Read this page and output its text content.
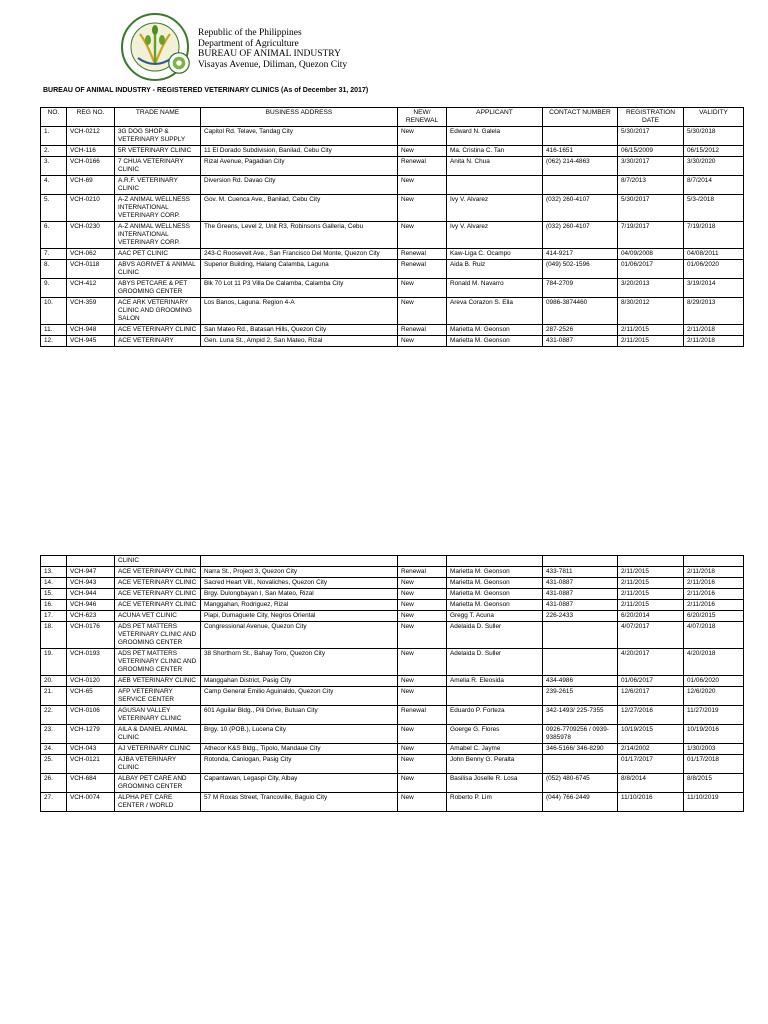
Republic of the Philippines
Department of Agriculture
BUREAU OF ANIMAL INDUSTRY
Visayas Avenue, Diliman, Quezon City
BUREAU OF ANIMAL INDUSTRY - REGISTERED VETERINARY CLINICS (As of December 31, 2017)
NO.	REG NO.	TRADE NAME	BUSINESS ADDRESS	NEW/ RENEWAL	APPLICANT	CONTACT NUMBER	REGISTRATION DATE	VALIDITY
1.	VCH-0212	3G DOG SHOP & VETERINARY SUPPLY	Capitol Rd. Telave, Tandag City	New	Edward N. Galela		5/30/2017	5/30/2018
2.	VCH-116	5R VETERINARY CLINIC	11 El Dorado Subdivision, Banilad, Cebu City	New	Ma. Cristina C. Tan	416-1651	06/15/2009	06/15/2012
3.	VCH-0166	7 CHUA VETERINARY CLINIC	Rizal Avenue, Pagadian City	Renewal	Anita N. Chua	(062) 214-4863	3/30/2017	3/30/2020
4.	VCH-69	A.R.F. VETERINARY CLINIC	Diversion Rd. Davao City	New			8/7/2013	8/7/2014
5.	VCH-0210	A-Z ANIMAL WELLNESS INTERNATIONAL VETERINARY CORP.	Gov. M. Cuenca Ave., Banilad, Cebu City	New	Ivy V. Alvarez	(032) 260-4107	5/30/2017	5/3-/2018
6.	VCH-0230	A-Z ANIMAL WELLNESS INTERNATIONAL VETERINARY CORP.	The Greens, Level 2, Unit R3, Robinsons Galleria, Cebu	New	Ivy V. Alvarez	(032) 260-4107	7/19/2017	7/19/2018
7.	VCH-062	AAC PET CLINIC	243-C Roosevelt Ave., San Francisco Del Monte, Quezon City	Renewal	Kaw-Liga C. Ocampo	414-9217	04/09/2008	04/08/2011
8.	VCH-0118	ABVS AGRIVET & ANIMAL CLINIC	Superior Building, Halang Calamba, Laguna	Renewal	Aida B. Ruiz	(049) 502-1596	01/06/2017	01/06/2020
9.	VCH-412	ABYS PETCARE & PET GROOMING CENTER	Blk 70 Lot 11 P3 Villa De Calamba, Calamba City	New	Ronald M. Navarro	784-2709	3/20/2013	3/19/2014
10.	VCH-359	ACE ARK VETERINARY CLINIC AND GROOMING SALON	Los Banos, Laguna. Region 4-A	New	Areva Corazon S. Ella	0986-3874460	8/30/2012	8/29/2013
11.	VCH-948	ACE VETERINARY CLINIC	San Mateo Rd., Batasan Hills, Quezon City	Renewal	Marietta M. Geonson	287-2526	2/11/2015	2/11/2018
12.	VCH-945	ACE VETERINARY	Gen. Luna St., Ampid 2, San Mateo, Rizal	New	Marietta M. Geonson	431-0887	2/11/2015	2/11/2018
		CLINIC						
13.	VCH-947	ACE VETERINARY CLINIC	Narra St., Project 3, Quezon City	Renewal	Marietta M. Geonson	433-7811	2/11/2015	2/11/2018
14.	VCH-943	ACE VETERINARY CLINIC	Sacred Heart Vill., Novaliches, Quezon City	New	Marietta M. Geonson	431-0887	2/11/2015	2/11/2016
15.	VCH-944	ACE VETERINARY CLINIC	Brgy. Dulongbayan I, San Mateo, Rizal	New	Marietta M. Geonson	431-0887	2/11/2015	2/11/2016
16.	VCH-946	ACE VETERINARY CLINIC	Manggahan, Rodriguez, Rizal	New	Marietta M. Geonson	431-0887	2/11/2015	2/11/2016
17.	VCH-623	ACUNA VET CLINIC	Piapi, Dumaguete City, Negros Oriental	New	Gregg T. Acuna	226-2433	6/20/2014	6/20/2015
18.	VCH-0176	ADS PET MATTERS VETERINARY CLINIC AND GROOMING CENTER	Congressional Avenue, Quezon City	New	Adelaida D. Suller		4/07/2017	4/07/2018
19.	VCH-0193	ADS PET MATTERS VETERINARY CLINIC AND GROOMING CENTER	38 Shorthorn St., Bahay Toro, Quezon City	New	Adelaida D. Suller		4/20/2017	4/20/2018
20.	VCH-0120	AEB VETERINARY CLINIC	Manggahan District, Pasig City	New	Amelia R. Eleosida	434-4986	01/06/2017	01/06/2020
21.	VCH-65	AFP VETERINARY SERVICE CENTER	Camp General Emilio Aguinaldo, Quezon City	New		239-2615	12/6/2017	12/6/2020
22.	VCH-0106	AGUSAN VALLEY VETERINARY CLINIC	601 Aguilar Bldg., Pili Drive, Butuan City	Renewal	Eduardo P. Forteza	342-1493/ 225-7355	12/27/2016	11/27/2019
23.	VCH-1279	AILA & DANIEL ANIMAL CLINIC	Brgy. 10 (POB.), Lucena City	New	Goerge G. Flores	0926-7709256 / 0939-9385978	10/19/2015	10/19/2016
24.	VCH-043	AJ VETERINARY CLINIC	Athecor K&S Bldg., Tipolo, Mandaue City	New	Amabel C. Jayme	346-5166/ 346-8290	2/14/2002	1/30/2003
25.	VCH-0121	AJBA VETERINARY CLINIC	Rotonda, Caniogan, Pasig City	New	John Benny G. Peralta		01/17/2017	01/17/2018
26.	VCH-684	ALBAY PET CARE AND GROOMING CENTER	Capantawan, Legaspi City, Albay	New	Basilisa Joselle R. Losa	(052) 480-6745	8/8/2014	8/8/2015
27.	VCH-0074	ALPHA PET CARE CENTER / WORLD	57 M Roxas Street, Trancoville, Baguio City	New	Roberto P. Lim	(044) 766-2449	11/10/2016	11/10/2019
